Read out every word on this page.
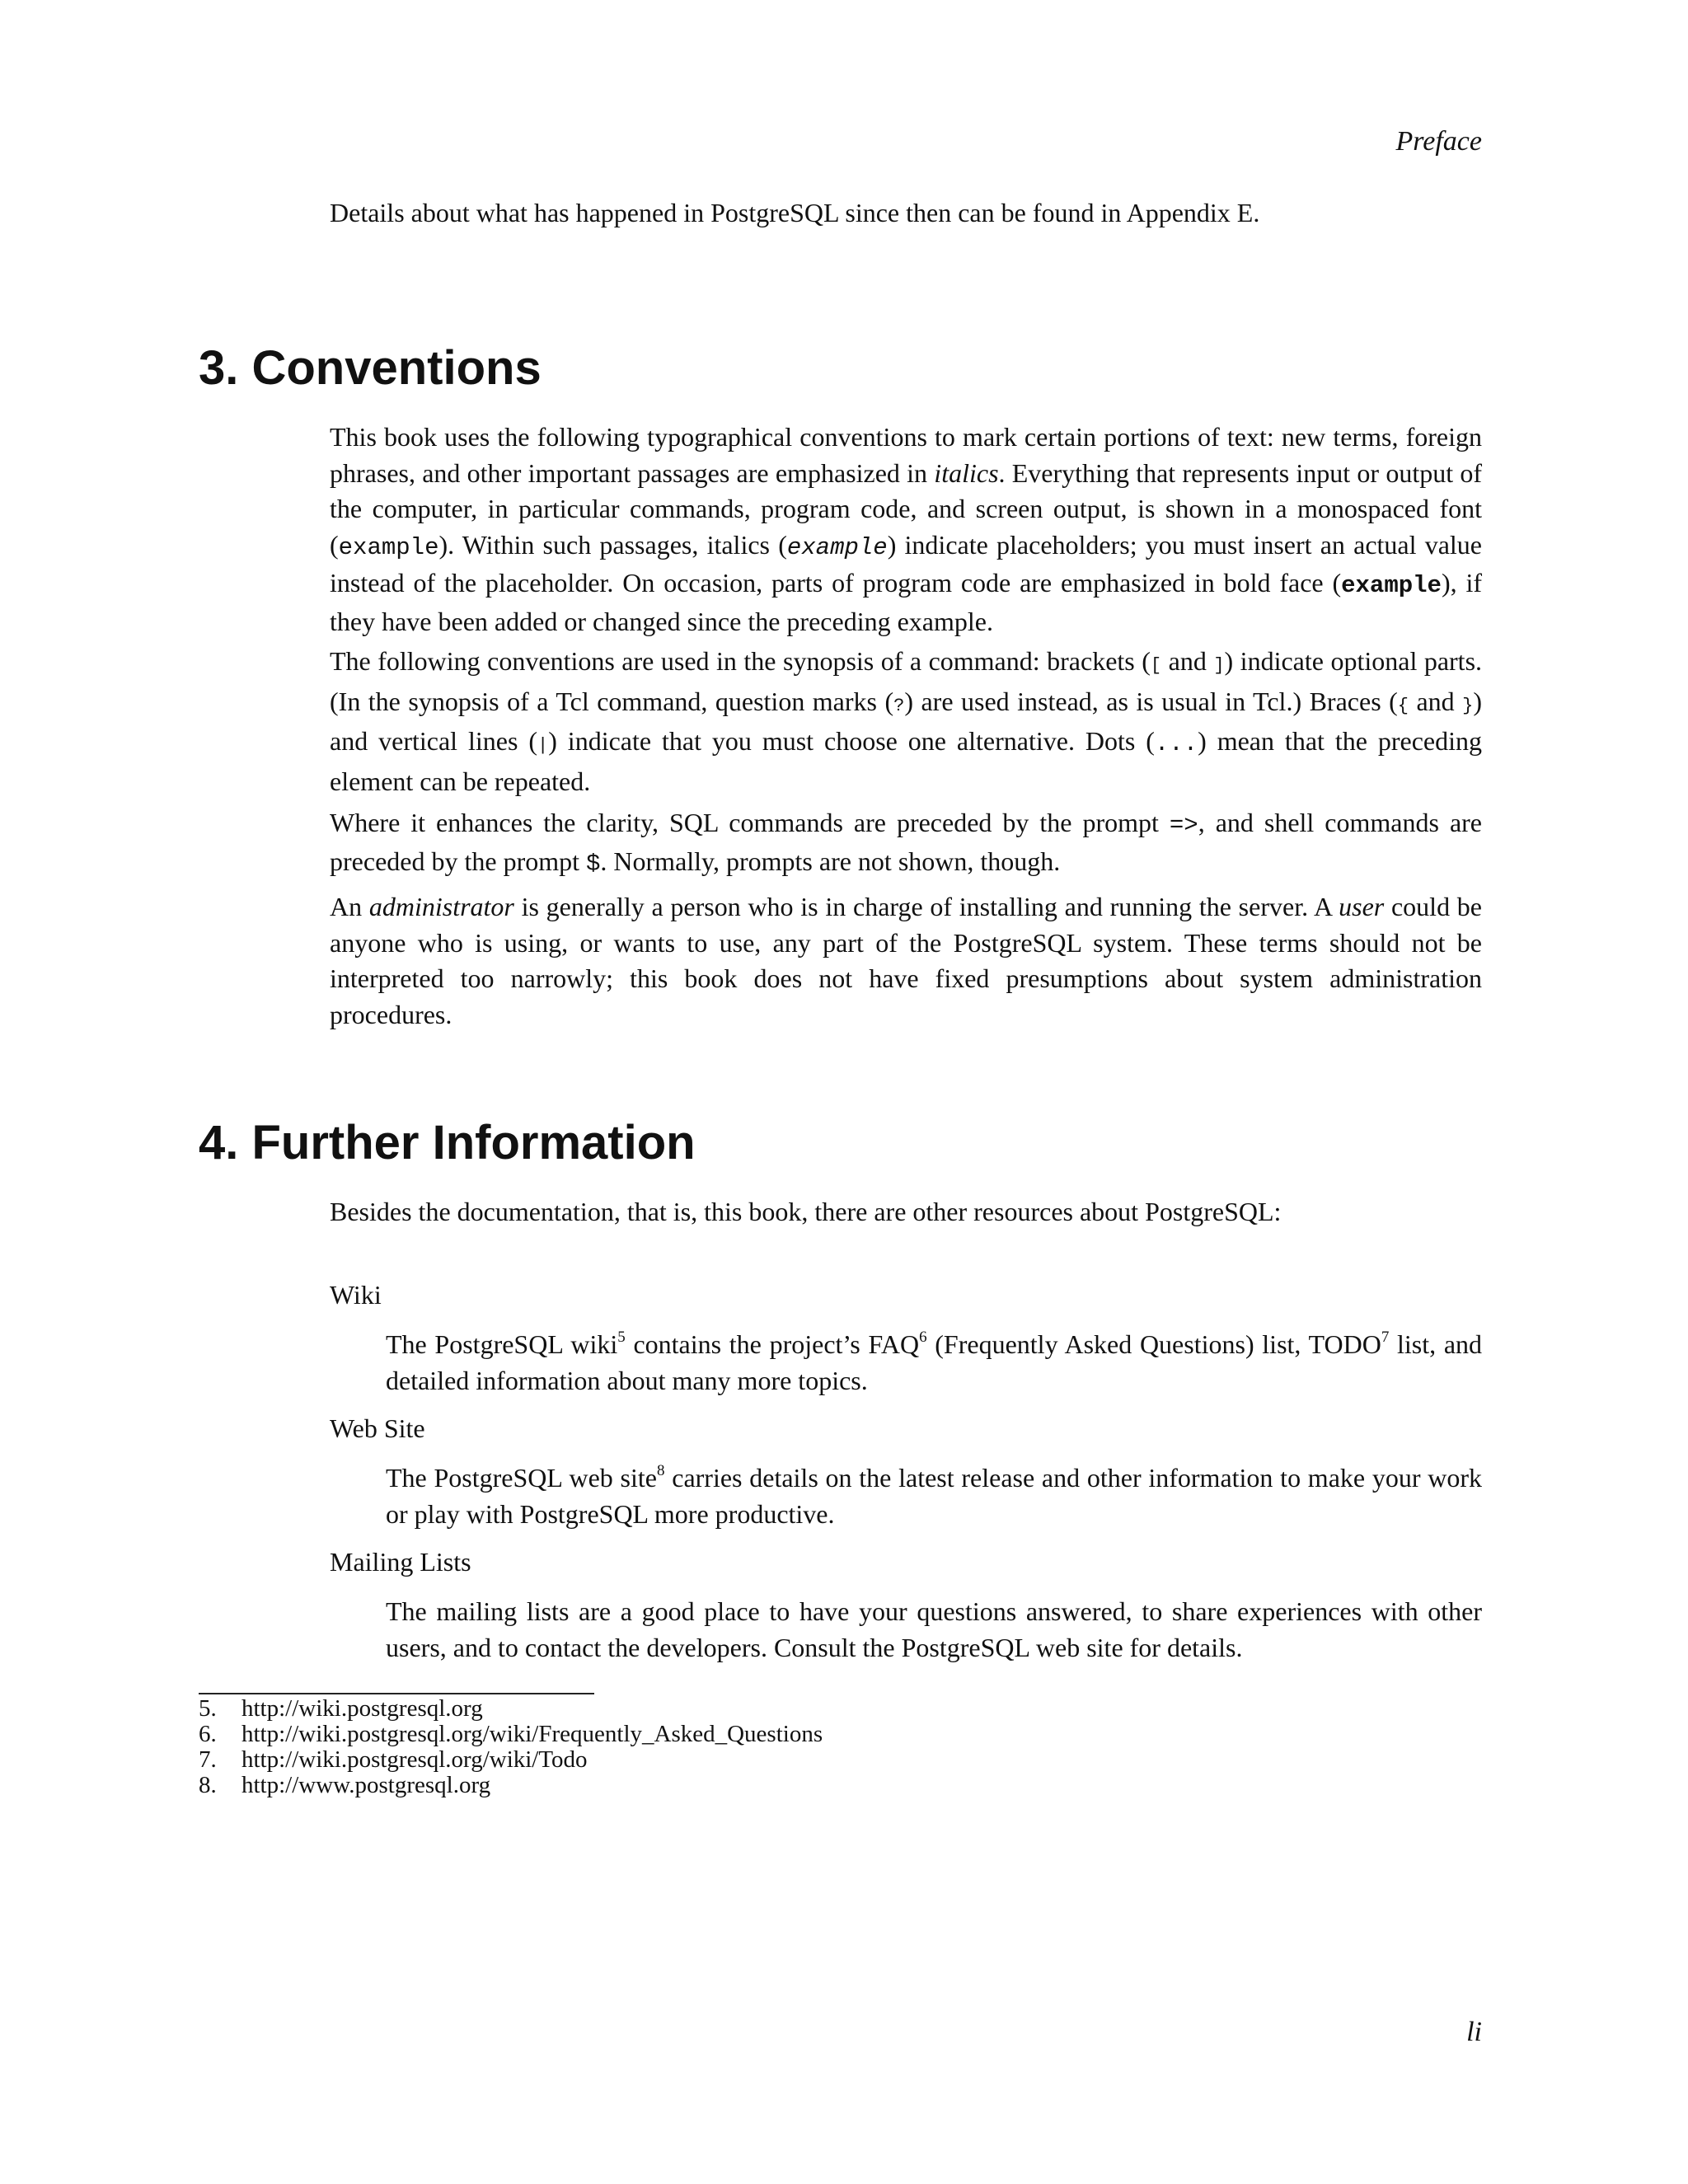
Preface

Details about what has happened in PostgreSQL since then can be found in Appendix E.

3. Conventions

This book uses the following typographical conventions to mark certain portions of text: new terms, foreign phrases, and other important passages are emphasized in italics. Everything that represents input or output of the computer, in particular commands, program code, and screen output, is shown in a monospaced font (example). Within such passages, italics (example) indicate placeholders; you must insert an actual value instead of the placeholder. On occasion, parts of program code are emphasized in bold face (example), if they have been added or changed since the preceding example.

The following conventions are used in the synopsis of a command: brackets ([ and ]) indicate optional parts. (In the synopsis of a Tcl command, question marks (?) are used instead, as is usual in Tcl.) Braces ({ and }) and vertical lines (|) indicate that you must choose one alternative. Dots (...) mean that the preceding element can be repeated.

Where it enhances the clarity, SQL commands are preceded by the prompt =>, and shell commands are preceded by the prompt $. Normally, prompts are not shown, though.

An administrator is generally a person who is in charge of installing and running the server. A user could be anyone who is using, or wants to use, any part of the PostgreSQL system. These terms should not be interpreted too narrowly; this book does not have fixed presumptions about system administration procedures.

4. Further Information

Besides the documentation, that is, this book, there are other resources about PostgreSQL:

Wiki

The PostgreSQL wiki$^5$ contains the project’s FAQ$^6$ (Frequently Asked Questions) list, TODO$^7$ list, and detailed information about many more topics.

Web Site

The PostgreSQL web site$^8$ carries details on the latest release and other information to make your work or play with PostgreSQL more productive.

Mailing Lists

The mailing lists are a good place to have your questions answered, to share experiences with other users, and to contact the developers. Consult the PostgreSQL web site for details.

5.	http://wiki.postgresql.org
6.	http://wiki.postgresql.org/wiki/Frequently_Asked_Questions
7.	http://wiki.postgresql.org/wiki/Todo
8.	http://www.postgresql.org
li
